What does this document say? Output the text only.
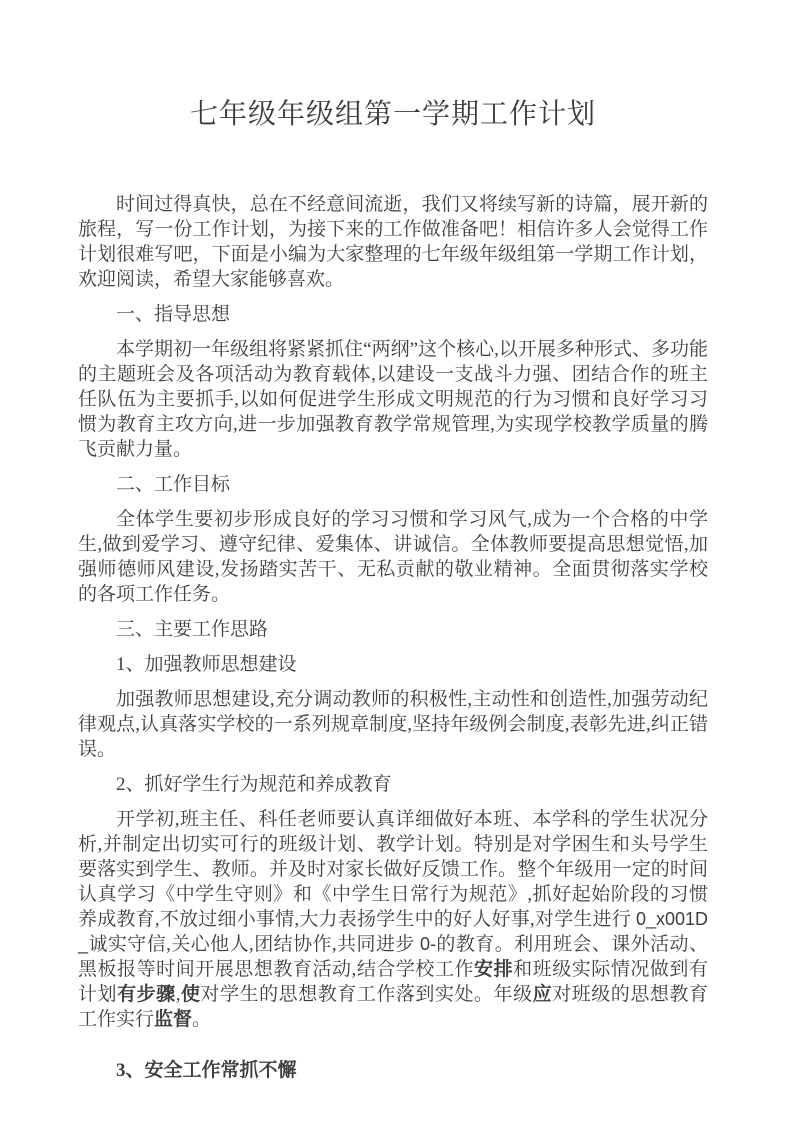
七年级年级组第一学期工作计划

时间过得真快，总在不经意间流逝，我们又将续写新的诗篇，展开新的旅程，写一份工作计划，为接下来的工作做准备吧！相信许多人会觉得工作计划很难写吧，下面是小编为大家整理的七年级年级组第一学期工作计划，欢迎阅读，希望大家能够喜欢。

一、指导思想

本学期初一年级组将紧紧抓住“两纲”这个核心,以开展多种形式、多功能的主题班会及各项活动为教育载体,以建设一支战斗力强、团结合作的班主任队伍为主要抓手,以如何促进学生形成文明规范的行为习惯和良好学习习惯为教育主攻方向,进一步加强教育教学常规管理,为实现学校教学质量的腾飞贡献力量。

二、工作目标

全体学生要初步形成良好的学习习惯和学习风气,成为一个合格的中学生,做到爱学习、遵守纪律、爱集体、讲诚信。全体教师要提高思想觉悟,加强师德师风建设,发扬踏实苦干、无私贡献的敬业精神。全面贯彻落实学校的各项工作任务。

三、主要工作思路

1、加强教师思想建设

加强教师思想建设,充分调动教师的积极性,主动性和创造性,加强劳动纪律观点,认真落实学校的一系列规章制度,坚持年级例会制度,表彰先进,纠正错误。

2、抓好学生行为规范和养成教育

开学初,班主任、科任老师要认真详细做好本班、本学科的学生状况分析,并制定出切实可行的班级计划、教学计划。特别是对学困生和头号学生要落实到学生、教师。并及时对家长做好反馈工作。整个年级用一定的时间认真学习《中学生守则》和《中学生日常行为规范》,抓好起始阶段的习惯养成教育,不放过细小事情,大力表扬学生中的好人好事,对学生进行 0_x001D_诚实守信,关心他人,团结协作,共同进步 0-的教育。利用班会、课外活动、黑板报等时间开展思想教育活动,结合学校工作安排和班级实际情况做到有计划有步骤,使对学生的思想教育工作落到实处。年级应对班级的思想教育工作实行监督。

3、安全工作常抓不懈
